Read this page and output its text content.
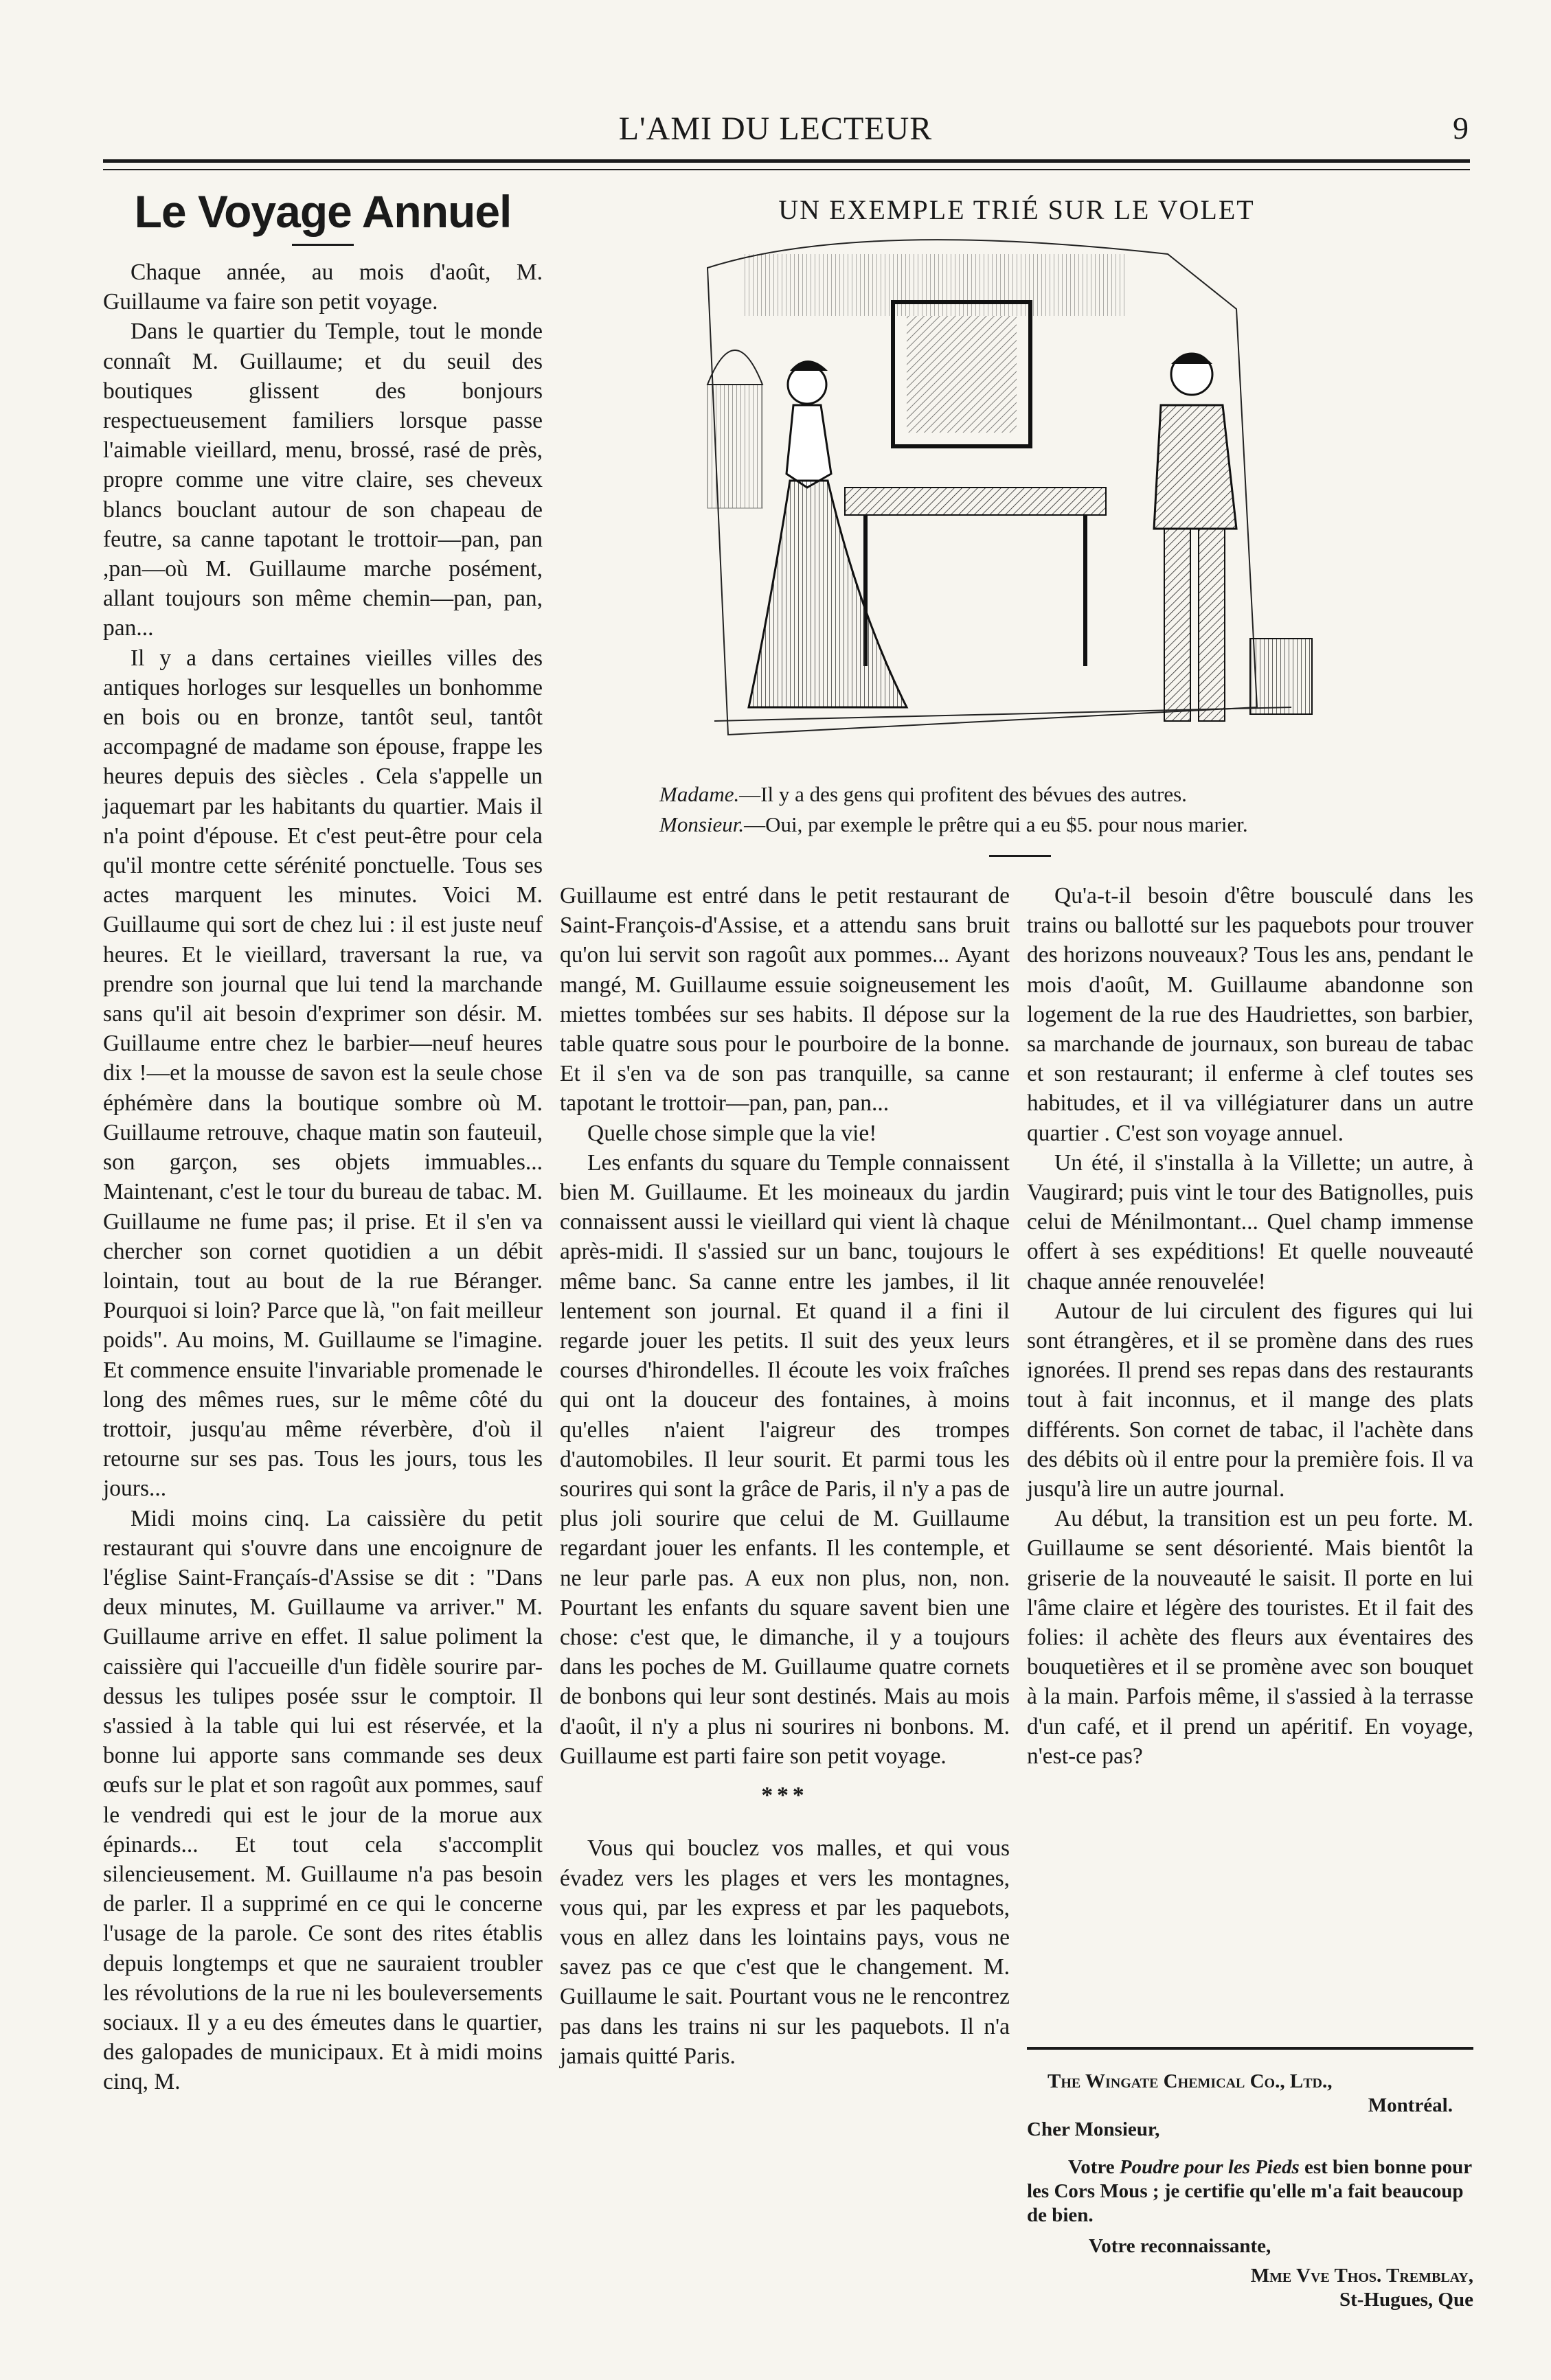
L'AMI DU LECTEUR	9
Le Voyage Annuel

Chaque année, au mois d'août, M. Guillaume va faire son petit voyage.

Dans le quartier du Temple, tout le monde connaît M. Guillaume; et du seuil des boutiques glissent des bonjours respectueusement familiers lorsque passe l'aimable vieillard, menu, brossé, rasé de près, propre comme une vitre claire, ses cheveux blancs bouclant autour de son chapeau de feutre, sa canne tapotant le trottoir—pan, pan ,pan—où M. Guillaume marche posément, allant toujours son même chemin—pan, pan, pan...

Il y a dans certaines vieilles villes des antiques horloges sur lesquelles un bonhomme en bois ou en bronze, tantôt seul, tantôt accompagné de madame son épouse, frappe les heures depuis des siècles . Cela s'appelle un jaquemart par les habitants du quartier. Mais il n'a point d'épouse. Et c'est peut-être pour cela qu'il montre cette sérénité ponctuelle. Tous ses actes marquent les minutes. Voici M. Guillaume qui sort de chez lui : il est juste neuf heures. Et le vieillard, traversant la rue, va prendre son journal que lui tend la marchande sans qu'il ait besoin d'exprimer son désir. M. Guillaume entre chez le barbier—neuf heures dix !—et la mousse de savon est la seule chose éphémère dans la boutique sombre où M. Guillaume retrouve, chaque matin son fauteuil, son garçon, ses objets immuables... Maintenant, c'est le tour du bureau de tabac. M. Guillaume ne fume pas; il prise. Et il s'en va chercher son cornet quotidien a un débit lointain, tout au bout de la rue Béranger. Pourquoi si loin? Parce que là, "on fait meilleur poids". Au moins, M. Guillaume se l'imagine. Et commence ensuite l'invariable promenade le long des mêmes rues, sur le même côté du trottoir, jusqu'au même réverbère, d'où il retourne sur ses pas. Tous les jours, tous les jours...

Midi moins cinq. La caissière du petit restaurant qui s'ouvre dans une encoignure de l'église Saint-Françaís-d'Assise se dit : "Dans deux minutes, M. Guillaume va arriver." M. Guillaume arrive en effet. Il salue poliment la caissière qui l'accueille d'un fidèle sourire par-dessus les tulipes posée ssur le comptoir. Il s'assied à la table qui lui est réservée, et la bonne lui apporte sans commande ses deux œufs sur le plat et son ragoût aux pommes, sauf le vendredi qui est le jour de la morue aux épinards... Et tout cela s'accomplit silencieusement. M. Guillaume n'a pas besoin de parler. Il a supprimé en ce qui le concerne l'usage de la parole. Ce sont des rites établis depuis longtemps et que ne sauraient troubler les révolutions de la rue ni les bouleversements sociaux. Il y a eu des émeutes dans le quartier, des galopades de municipaux. Et à midi moins cinq, M.

UN EXEMPLE TRIÉ SUR LE VOLET
Madame.—Il y a des gens qui profitent des bévues des autres.
Monsieur.—Oui, par exemple le prêtre qui a eu $5. pour nous marier.

Guillaume est entré dans le petit restaurant de Saint-François-d'Assise, et a attendu sans bruit qu'on lui servit son ragoût aux pommes... Ayant mangé, M. Guillaume essuie soigneusement les miettes tombées sur ses habits. Il dépose sur la table quatre sous pour le pourboire de la bonne. Et il s'en va de son pas tranquille, sa canne tapotant le trottoir—pan, pan, pan...

Quelle chose simple que la vie!

Les enfants du square du Temple connaissent bien M. Guillaume. Et les moineaux du jardin connaissent aussi le vieillard qui vient là chaque après-midi. Il s'assied sur un banc, toujours le même banc. Sa canne entre les jambes, il lit lentement son journal. Et quand il a fini il regarde jouer les petits. Il suit des yeux leurs courses d'hirondelles. Il écoute les voix fraîches qui ont la douceur des fontaines, à moins qu'elles n'aient l'aigreur des trompes d'automobiles. Il leur sourit. Et parmi tous les sourires qui sont la grâce de Paris, il n'y a pas de plus joli sourire que celui de M. Guillaume regardant jouer les enfants. Il les contemple, et ne leur parle pas. A eux non plus, non, non. Pourtant les enfants du square savent bien une chose: c'est que, le dimanche, il y a toujours dans les poches de M. Guillaume quatre cornets de bonbons qui leur sont destinés. Mais au mois d'août, il n'y a plus ni sourires ni bonbons. M. Guillaume est parti faire son petit voyage.

***

Vous qui bouclez vos malles, et qui vous évadez vers les plages et vers les montagnes, vous qui, par les express et par les paquebots, vous en allez dans les lointains pays, vous ne savez pas ce que c'est que le changement. M. Guillaume le sait. Pourtant vous ne le rencontrez pas dans les trains ni sur les paquebots. Il n'a jamais quitté Paris.

Qu'a-t-il besoin d'être bousculé dans les trains ou ballotté sur les paquebots pour trouver des horizons nouveaux? Tous les ans, pendant le mois d'août, M. Guillaume abandonne son logement de la rue des Haudriettes, son barbier, sa marchande de journaux, son bureau de tabac et son restaurant; il enferme à clef toutes ses habitudes, et il va villégiaturer dans un autre quartier . C'est son voyage annuel.

Un été, il s'installa à la Villette; un autre, à Vaugirard; puis vint le tour des Batignolles, puis celui de Ménilmontant... Quel champ immense offert à ses expéditions! Et quelle nouveauté chaque année renouvelée!

Autour de lui circulent des figures qui lui sont étrangères, et il se promène dans des rues ignorées. Il prend ses repas dans des restaurants tout à fait inconnus, et il mange des plats différents. Son cornet de tabac, il l'achète dans des débits où il entre pour la première fois. Il va jusqu'à lire un autre journal.

Au début, la transition est un peu forte. M. Guillaume se sent désorienté. Mais bientôt la griserie de la nouveauté le saisit. Il porte en lui l'âme claire et légère des touristes. Et il fait des folies: il achète des fleurs aux éventaires des bouquetières et il se promène avec son bouquet à la main. Parfois même, il s'assied à la terrasse d'un café, et il prend un apéritif. En voyage, n'est-ce pas?

The Wingate Chemical Co., Ltd.,
Montréal.
Cher Monsieur,
Votre Poudre pour les Pieds est bien bonne pour les Cors Mous ; je certifie qu'elle m'a fait beaucoup de bien.
Votre reconnaissante,
Mme Vve Thos. Tremblay,
St-Hugues, Que
